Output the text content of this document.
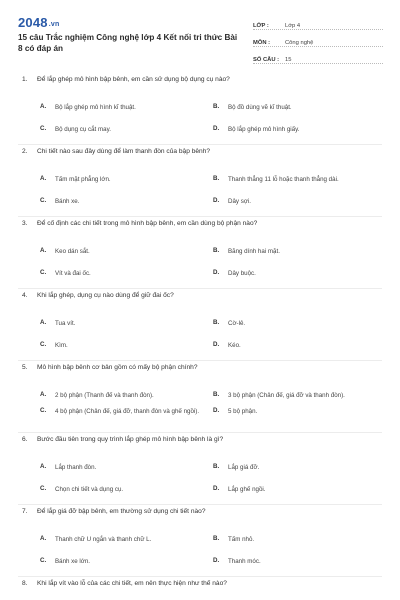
2048.vn
15 câu Trắc nghiệm Công nghệ lớp 4 Kết nối tri thức Bài 8 có đáp án
LỚP :	Lớp 4
MÔN :	Công nghệ
SỐ CÂU :	15
1. Để lắp ghép mô hình bập bênh, em cần sử dụng bộ dụng cụ nào?
A.	Bộ lắp ghép mô hình kĩ thuật.	B.	Bộ đồ dùng vẽ kĩ thuật.
C.	Bộ dụng cụ cắt may.	D.	Bộ lắp ghép mô hình giấy.
2. Chi tiết nào sau đây dùng để làm thanh đòn của bập bênh?
A.	Tấm mặt phẳng lớn.	B.	Thanh thẳng 11 lỗ hoặc thanh thẳng dài.
C.	Bánh xe.	D.	Dây sợi.
3. Để cố định các chi tiết trong mô hình bập bênh, em cần dùng bộ phận nào?
A.	Keo dán sắt.	B.	Băng dính hai mặt.
C.	Vít và đai ốc.	D.	Dây buộc.
4. Khi lắp ghép, dụng cụ nào dùng để giữ đai ốc?
A.	Tua vít.	B.	Cờ-lê.
C.	Kìm.	D.	Kéo.
5. Mô hình bập bênh cơ bản gồm có mấy bộ phận chính?
A.	2 bộ phận (Thanh đế và thanh đòn).	B.	3 bộ phận (Chân đế, giá đỡ và thanh đòn).
C.	4 bộ phận (Chân đế, giá đỡ, thanh đòn và ghế ngồi).	D.	5 bộ phận.
6. Bước đầu tiên trong quy trình lắp ghép mô hình bập bênh là gì?
A.	Lắp thanh đòn.	B.	Lắp giá đỡ.
C.	Chọn chi tiết và dụng cụ.	D.	Lắp ghế ngồi.
7. Để lắp giá đỡ bập bênh, em thường sử dụng chi tiết nào?
A.	Thanh chữ U ngắn và thanh chữ L.	B.	Tấm nhỏ.
C.	Bánh xe lớn.	D.	Thanh móc.
8. Khi lắp vít vào lỗ của các chi tiết, em nên thực hiện như thế nào?
